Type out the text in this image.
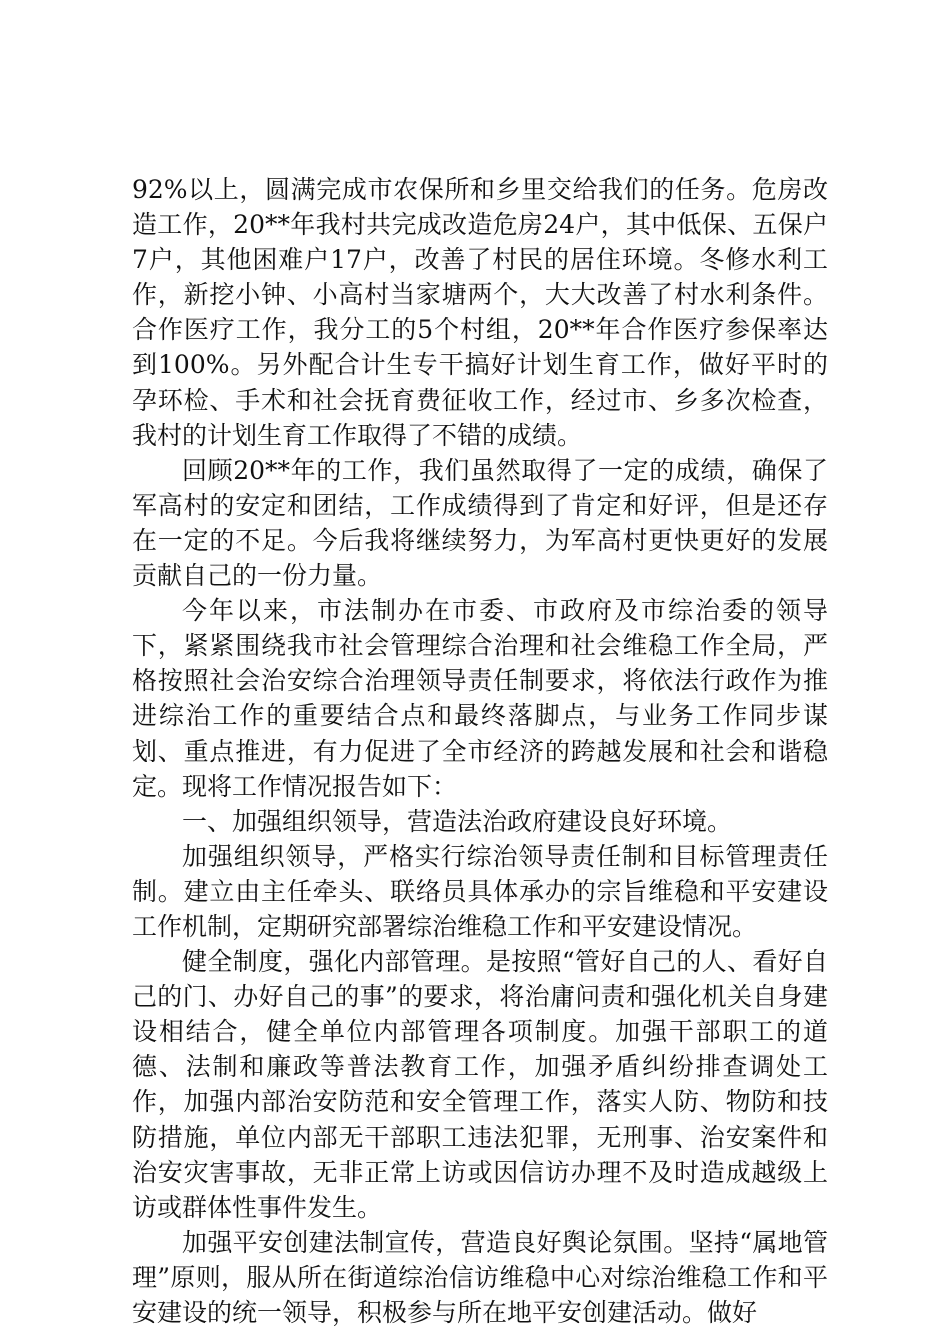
92%以上，圆满完成市农保所和乡里交给我们的任务。危房改造工作，20**年我村共完成改造危房24户，其中低保、五保户7户，其他困难户17户，改善了村民的居住环境。冬修水利工作，新挖小钟、小高村当家塘两个，大大改善了村水利条件。合作医疗工作，我分工的5个村组，20**年合作医疗参保率达到100%。另外配合计生专干搞好计划生育工作，做好平时的孕环检、手术和社会抚育费征收工作，经过市、乡多次检查，我村的计划生育工作取得了不错的成绩。

回顾20**年的工作，我们虽然取得了一定的成绩，确保了军高村的安定和团结，工作成绩得到了肯定和好评，但是还存在一定的不足。今后我将继续努力，为军高村更快更好的发展贡献自己的一份力量。

今年以来，市法制办在市委、市政府及市综治委的领导下，紧紧围绕我市社会管理综合治理和社会维稳工作全局，严格按照社会治安综合治理领导责任制要求，将依法行政作为推进综治工作的重要结合点和最终落脚点，与业务工作同步谋划、重点推进，有力促进了全市经济的跨越发展和社会和谐稳定。现将工作情况报告如下：

一、加强组织领导，营造法治政府建设良好环境。

加强组织领导，严格实行综治领导责任制和目标管理责任制。建立由主任牵头、联络员具体承办的宗旨维稳和平安建设工作机制，定期研究部署综治维稳工作和平安建设情况。

健全制度，强化内部管理。是按照“管好自己的人、看好自己的门、办好自己的事”的要求，将治庸问责和强化机关自身建设相结合，健全单位内部管理各项制度。加强干部职工的道德、法制和廉政等普法教育工作，加强矛盾纠纷排查调处工作，加强内部治安防范和安全管理工作，落实人防、物防和技防措施，单位内部无干部职工违法犯罪，无刑事、治安案件和治安灾害事故，无非正常上访或因信访办理不及时造成越级上访或群体性事件发生。

加强平安创建法制宣传，营造良好舆论氛围。坚持“属地管理”原则，服从所在街道综治信访维稳中心对综治维稳工作和平安建设的统一领导，积极参与所在地平安创建活动。做好
